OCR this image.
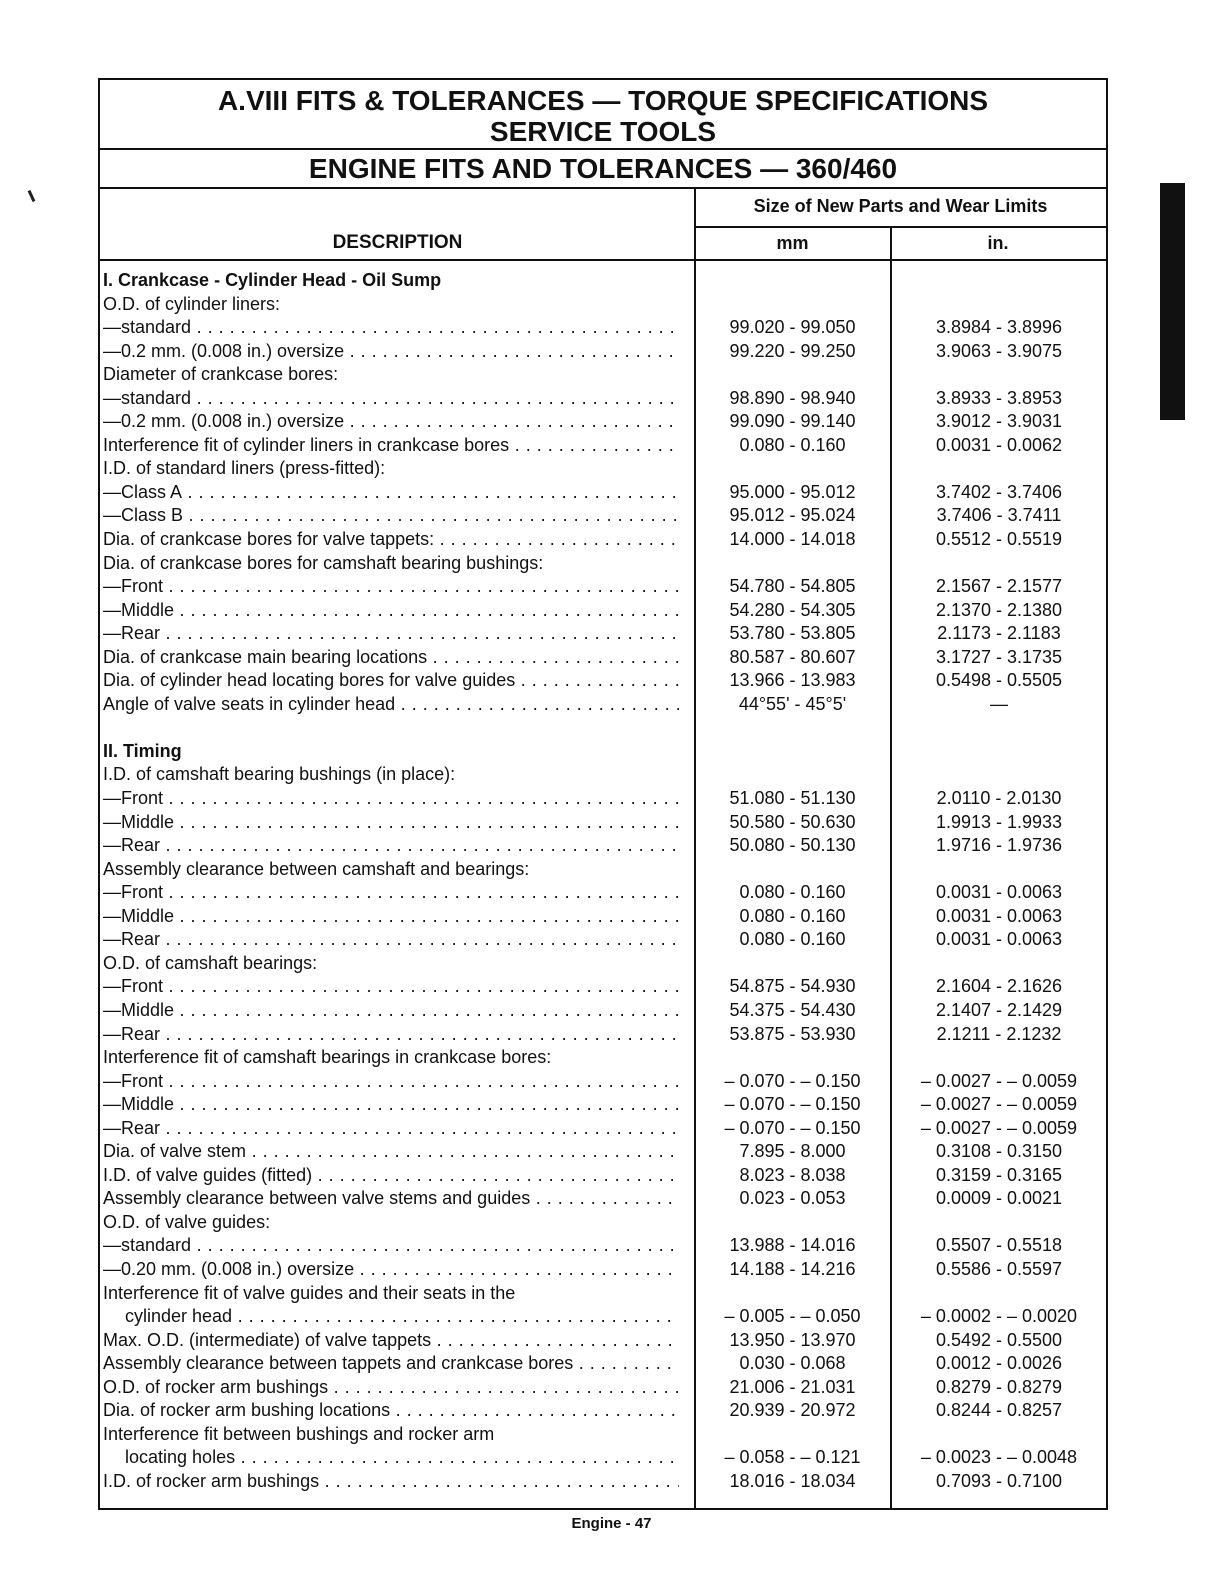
A.VIII FITS & TOLERANCES — TORQUE SPECIFICATIONS
SERVICE TOOLS
ENGINE FITS AND TOLERANCES — 360/460
DESCRIPTION
Size of New Parts and Wear Limits
mm	in.
I. Crankcase - Cylinder Head - Oil Sump
O.D. of cylinder liners:
—standard . . .	99.020 - 99.050	3.8984 - 3.8996
—0.2 mm. (0.008 in.) oversize . . .	99.220 - 99.250	3.9063 - 3.9075
Diameter of crankcase bores:
—standard . . .	98.890 - 98.940	3.8933 - 3.8953
—0.2 mm. (0.008 in.) oversize . . .	99.090 - 99.140	3.9012 - 3.9031
Interference fit of cylinder liners in crankcase bores . . .	0.080 - 0.160	0.0031 - 0.0062
I.D. of standard liners (press-fitted):
—Class A . . .	95.000 - 95.012	3.7402 - 3.7406
—Class B . . .	95.012 - 95.024	3.7406 - 3.7411
Dia. of crankcase bores for valve tappets: . . .	14.000 - 14.018	0.5512 - 0.5519
Dia. of crankcase bores for camshaft bearing bushings:
—Front . . .	54.780 - 54.805	2.1567 - 2.1577
—Middle . . .	54.280 - 54.305	2.1370 - 2.1380
—Rear . . .	53.780 - 53.805	2.1173 - 2.1183
Dia. of crankcase main bearing locations . . .	80.587 - 80.607	3.1727 - 3.1735
Dia. of cylinder head locating bores for valve guides . . .	13.966 - 13.983	0.5498 - 0.5505
Angle of valve seats in cylinder head . . .	44°55' - 45°5'	—
II. Timing
I.D. of camshaft bearing bushings (in place):
—Front . . .	51.080 - 51.130	2.0110 - 2.0130
—Middle . . .	50.580 - 50.630	1.9913 - 1.9933
—Rear . . .	50.080 - 50.130	1.9716 - 1.9736
Assembly clearance between camshaft and bearings:
—Front . . .	0.080 - 0.160	0.0031 - 0.0063
—Middle . . .	0.080 - 0.160	0.0031 - 0.0063
—Rear . . .	0.080 - 0.160	0.0031 - 0.0063
O.D. of camshaft bearings:
—Front . . .	54.875 - 54.930	2.1604 - 2.1626
—Middle . . .	54.375 - 54.430	2.1407 - 2.1429
—Rear . . .	53.875 - 53.930	2.1211 - 2.1232
Interference fit of camshaft bearings in crankcase bores:
—Front . . .	– 0.070 - – 0.150	– 0.0027 - – 0.0059
—Middle . . .	– 0.070 - – 0.150	– 0.0027 - – 0.0059
—Rear . . .	– 0.070 - – 0.150	– 0.0027 - – 0.0059
Dia. of valve stem . . .	7.895 - 8.000	0.3108 - 0.3150
I.D. of valve guides (fitted) . . .	8.023 - 8.038	0.3159 - 0.3165
Assembly clearance between valve stems and guides . . .	0.023 - 0.053	0.0009 - 0.0021
O.D. of valve guides:
—standard . . .	13.988 - 14.016	0.5507 - 0.5518
—0.20 mm. (0.008 in.) oversize . . .	14.188 - 14.216	0.5586 - 0.5597
Interference fit of valve guides and their seats in the
cylinder head . . .	– 0.005 - – 0.050	– 0.0002 - – 0.0020
Max. O.D. (intermediate) of valve tappets . . .	13.950 - 13.970	0.5492 - 0.5500
Assembly clearance between tappets and crankcase bores . . .	0.030 - 0.068	0.0012 - 0.0026
O.D. of rocker arm bushings . . .	21.006 - 21.031	0.8279 - 0.8279
Dia. of rocker arm bushing locations . . .	20.939 - 20.972	0.8244 - 0.8257
Interference fit between bushings and rocker arm
locating holes . . .	– 0.058 - – 0.121	– 0.0023 - – 0.0048
I.D. of rocker arm bushings . . .	18.016 - 18.034	0.7093 - 0.7100
Engine - 47
